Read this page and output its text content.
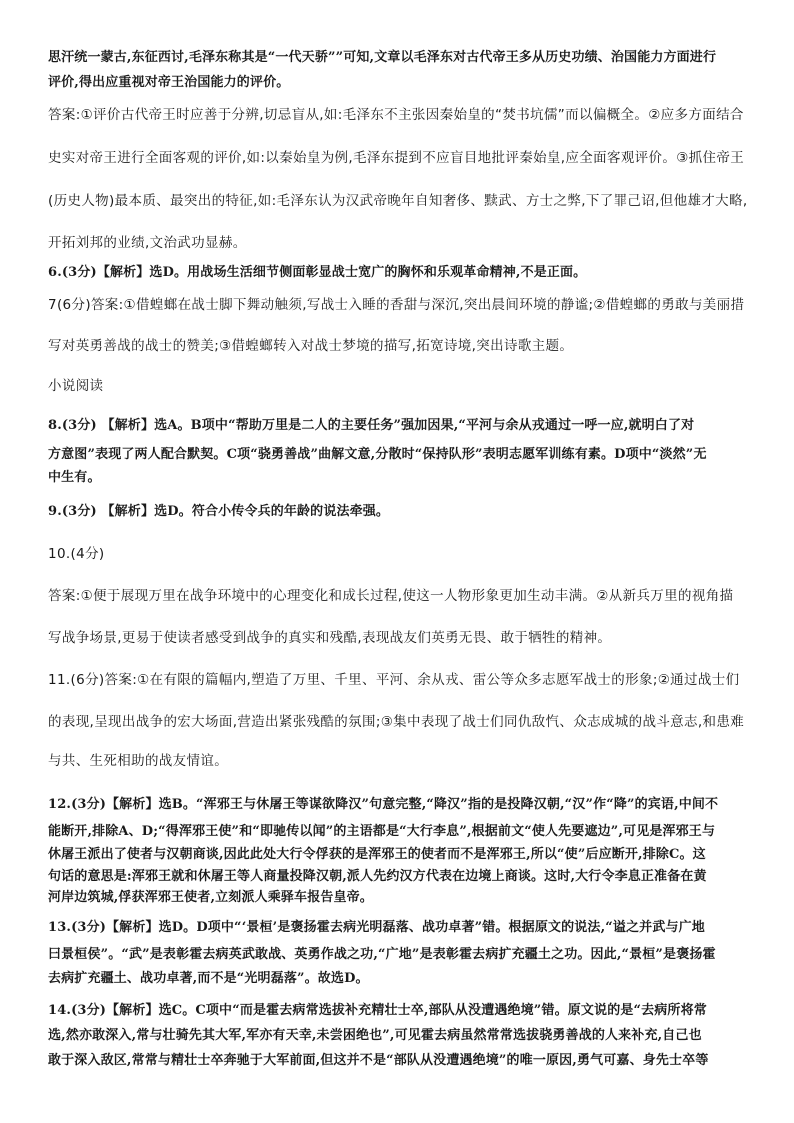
思汗统一蒙古,东征西讨,毛泽东称其是“一代天骄””可知,文章以毛泽东对古代帝王多从历史功绩、治国能力方面进行
评价,得出应重视对帝王治国能力的评价。
答案:①评价古代帝王时应善于分辨,切忌盲从,如:毛泽东不主张因秦始皇的“焚书坑儒”而以偏概全。②应多方面结合
史实对帝王进行全面客观的评价,如:以秦始皇为例,毛泽东提到不应盲目地批评秦始皇,应全面客观评价。③抓住帝王
(历史人物)最本质、最突出的特征,如:毛泽东认为汉武帝晚年自知奢侈、黩武、方士之弊,下了罪己诏,但他雄才大略,
开拓刘邦的业绩,文治武功显赫。
6.(3分)【解析】选D。用战场生活细节侧面彰显战士宽广的胸怀和乐观革命精神,不是正面。
7(6分)答案:①借蝗螂在战士脚下舞动触须,写战士入睡的香甜与深沉,突出晨间环境的静谧;②借蝗螂的勇敢与美丽措
写对英勇善战的战士的赞美;③借蝗螂转入对战士梦境的描写,拓宽诗境,突出诗歌主题。
小说阅读
8.(3分) 【解析】选A。B项中“帮助万里是二人的主要任务”强加因果,“平河与余从戎通过一呼一应,就明白了对
方意图”表现了两人配合默契。C项“骁勇善战”曲解文意,分散时“保持队形”表明志愿军训练有素。D项中“淡然”无
中生有。
9.(3分) 【解析】选D。符合小传令兵的年龄的说法牵强。
10.(4分)
答案:①便于展现万里在战争环境中的心理变化和成长过程,使这一人物形象更加生动丰满。②从新兵万里的视角描
写战争场景,更易于使读者感受到战争的真实和残酷,表现战友们英勇无畏、敢于牺牲的精神。
11.(6分)答案:①在有限的篇幅内,塑造了万里、千里、平河、余从戎、雷公等众多志愿军战士的形象;②通过战士们
的表现,呈现出战争的宏大场面,营造出紧张残酷的氛围;③集中表现了战士们同仇敌忾、众志成城的战斗意志,和患难
与共、生死相助的战友情谊。
12.(3分)【解析】选B。“浑邪王与休屠王等谋欲降汉”句意完整,“降汉”指的是投降汉朝,“汉”作“降”的宾语,中间不
能断开,排除A、D;“得浑邪王使”和“即驰传以闻”的主语都是“大行李息”,根据前文“使人先要遮边”,可见是浑邪王与
休屠王派出了使者与汉朝商谈,因此此处大行令俘获的是浑邪王的使者而不是浑邪王,所以“使”后应断开,排除C。这
句话的意思是:浑邪王就和休屠王等人商量投降汉朝,派人先约汉方代表在边境上商谈。这时,大行令李息正准备在黄
河岸边筑城,俘获浑邪王使者,立刻派人乘驿车报告皇帝。
13.(3分)【解析】选D。D项中“‘景桓’是褒扬霍去病光明磊落、战功卓著”错。根据原文的说法,“谥之并武与广地
曰景桓侯”。“武”是表彰霍去病英武敢战、英勇作战之功,“广地”是表彰霍去病扩充疆土之功。因此,“景桓”是褒扬霍
去病扩充疆土、战功卓著,而不是“光明磊落”。故选D。
14.(3分)【解析】选C。C项中“而是霍去病常选拔补充精壮士卒,部队从没遭遇绝境”错。原文说的是“去病所将常
选,然亦敢深入,常与壮骑先其大军,军亦有天幸,未尝困绝也”,可见霍去病虽然常常选拔骁勇善战的人来补充,自己也
敢于深入敌区,常常与精壮士卒奔驰于大军前面,但这并不是“部队从没遭遇绝境”的唯一原因,勇气可嘉、身先士卒等
